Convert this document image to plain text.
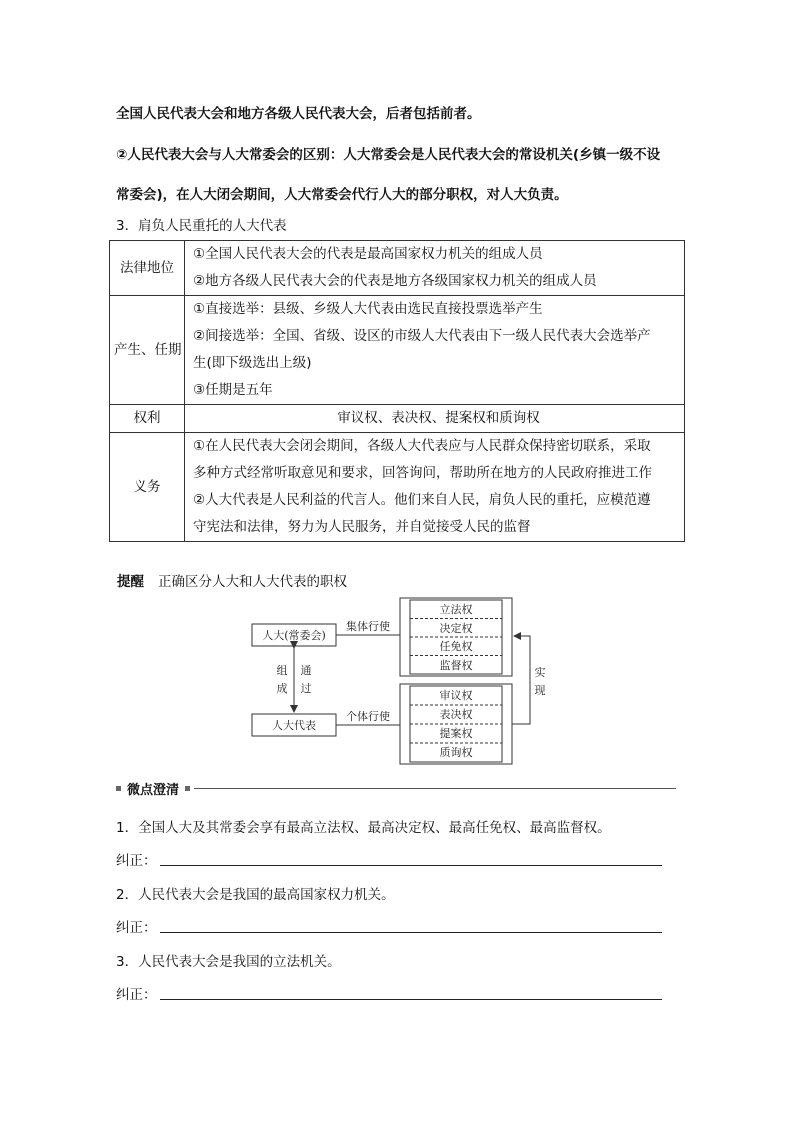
全国人民代表大会和地方各级人民代表大会，后者包括前者。
②人民代表大会与人大常委会的区别：人大常委会是人民代表大会的常设机关(乡镇一级不设
常委会)，在人大闭会期间，人大常委会代行人大的部分职权，对人大负责。
3．肩负人民重托的人大代表
法律地位	①全国人民代表大会的代表是最高国家权力机关的组成人员
②地方各级人民代表大会的代表是地方各级国家权力机关的组成人员

产生、任期	①直接选举：县级、乡级人大代表由选民直接投票选举产生
②间接选举：全国、省级、设区的市级人大代表由下一级人民代表大会选举产
生(即下级选出上级)
③任期是五年

权利	审议权、表决权、提案权和质询权

义务	①在人民代表大会闭会期间，各级人大代表应与人民群众保持密切联系，采取
多种方式经常听取意见和要求，回答询问，帮助所在地方的人民政府推进工作
②人大代表是人民利益的代言人。他们来自人民，肩负人民的重托，应模范遵
守宪法和法律，努力为人民服务，并自觉接受人民的监督
提醒 正确区分人大和人大代表的职权
人大(常委会)
人大代表
组
成
通
过
集体行使
个体行使
立法权
决定权
任免权
监督权
审议权
表决权
提案权
质询权
实
现
微点澄清
1．全国人大及其常委会享有最高立法权、最高决定权、最高任免权、最高监督权。
纠正：
2．人民代表大会是我国的最高国家权力机关。
纠正：
3．人民代表大会是我国的立法机关。
纠正：
